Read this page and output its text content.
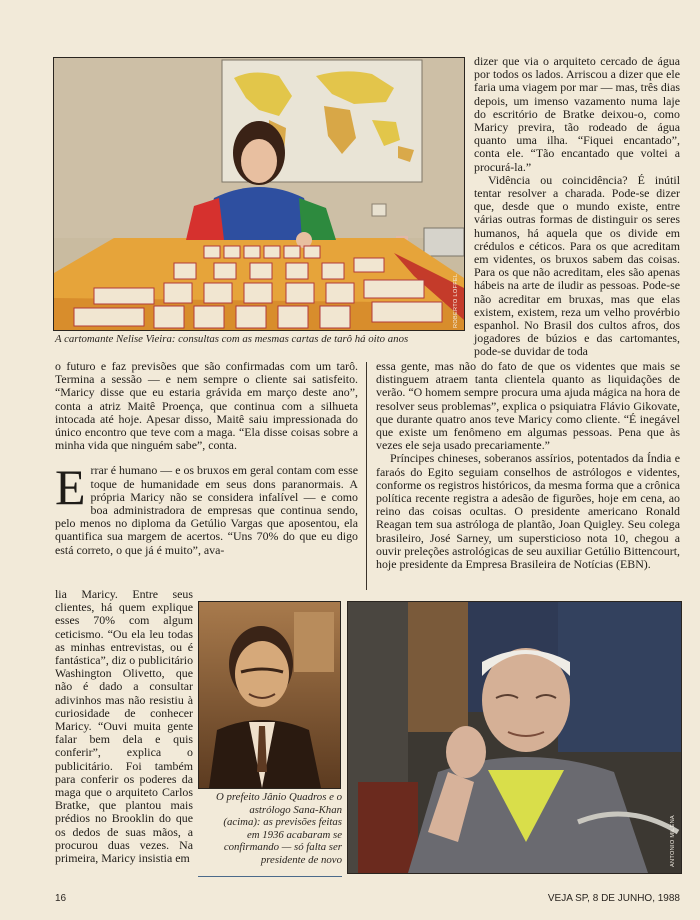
ROBERTO LOFFEL
A cartomante Nelise Vieira: consultas com as mesmas cartas de tarô há oito anos

dizer que via o arquiteto cercado de água por todos os lados. Arriscou a dizer que ele faria uma viagem por mar — mas, três dias depois, um imenso vazamento numa laje do escritório de Bratke deixou-o, como Maricy previra, tão rodeado de água quanto uma ilha. “Fiquei encantado”, conta ele. “Tão encantado que voltei a procurá-la.”

Vidência ou coincidência? É inútil tentar resolver a charada. Pode-se dizer que, desde que o mundo existe, entre várias outras formas de distinguir os seres humanos, há aquela que os divide em crédulos e céticos. Para os que acreditam em videntes, os bruxos sabem das coisas. Para os que não acreditam, eles são apenas hábeis na arte de iludir as pessoas. Pode-se não acreditar em bruxas, mas que elas existem, existem, reza um velho provérbio espanhol. No Brasil dos cultos afros, dos jogadores de búzios e das cartomantes, pode-se duvidar de toda

o futuro e faz previsões que são confirmadas com um tarô. Termina a sessão — e nem sempre o cliente sai satisfeito. “Maricy disse que eu estaria grávida em março deste ano”, conta a atriz Maitê Proença, que continua com a silhueta intocada até hoje. Apesar disso, Maitê saiu impressionada do único encontro que teve com a maga. “Ela disse coisas sobre a minha vida que ninguém sabe”, conta.

Errar é humano — e os bruxos em geral contam com esse toque de humanidade em seus dons paranormais. A própria Maricy não se considera infalível — e como boa administradora de empresas que continua sendo, pelo menos no diploma da Getúlio Vargas que aposentou, ela quantifica sua margem de acertos. “Uns 70% do que eu digo está correto, o que já é muito”, ava-

lia Maricy. Entre seus clientes, há quem explique esses 70% com algum ceticismo. “Ou ela leu todas as minhas entrevistas, ou é fantástica”, diz o publicitário Washington Olivetto, que não é dado a consultar adivinhos mas não resistiu à curiosidade de conhecer Maricy. “Ouvi muita gente falar bem dela e quis conferir”, explica o publicitário. Foi também para conferir os poderes da maga que o arquiteto Carlos Bratke, que plantou mais prédios no Brooklin do que os dedos de suas mãos, a procurou duas vezes. Na primeira, Maricy insistia em

essa gente, mas não do fato de que os videntes que mais se distinguem atraem tanta clientela quanto as liquidações de verão. “O homem sempre procura uma ajuda mágica na hora de resolver seus problemas”, explica o psiquiatra Flávio Gikovate, que durante quatro anos teve Maricy como cliente. “É inegável que existe um fenômeno em algumas pessoas. Pena que às vezes ele seja usado precariamente.”

Príncipes chineses, soberanos assírios, potentados da Índia e faraós do Egito seguiam conselhos de astrólogos e videntes, conforme os registros históricos, da mesma forma que a crônica política recente registra a adesão de figurões, hoje em cena, ao reino das coisas ocultas. O presidente americano Ronald Reagan tem sua astróloga de plantão, Joan Quigley. Seu colega brasileiro, José Sarney, um supersticioso nota 10, chegou a ouvir preleções astrológicas de seu auxiliar Getúlio Bittencourt, hoje presidente da Empresa Brasileira de Notícias (EBN).

O prefeito Jânio Quadros e o astrólogo Sana-Khan (acima): as previsões feitas em 1936 acabaram se confirmando — só falta ser presidente de novo	ANTONIO MILENA
16	VEJA SP, 8 DE JUNHO, 1988
